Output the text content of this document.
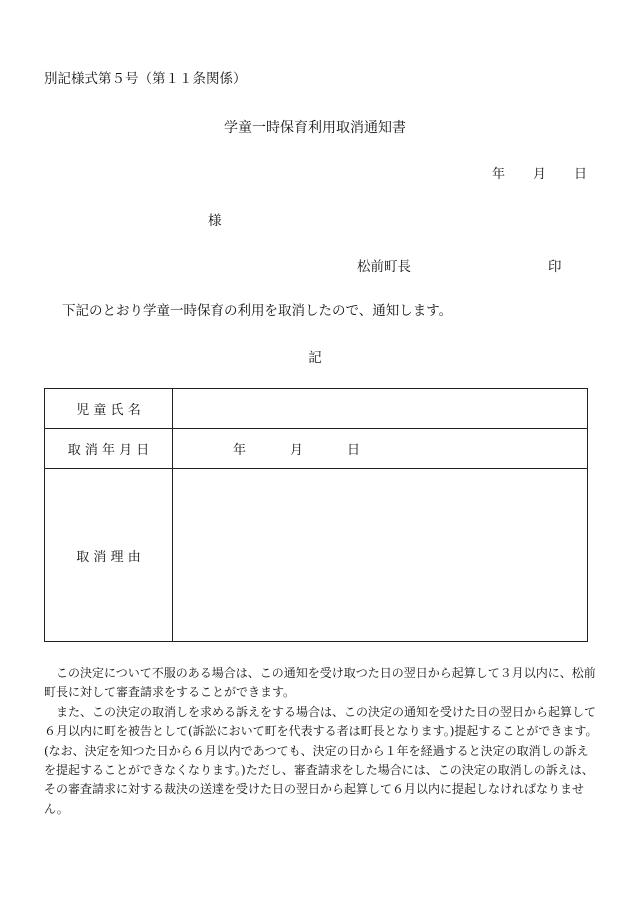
別記様式第５号（第１１条関係）
学童一時保育利用取消通知書
年 月 日
様
松前町長	印
下記のとおり学童一時保育の利用を取消したので、通知します。
記
児 童 氏 名	
取 消 年 月 日	年 月 日
取 消 理 由	

この決定について不服のある場合は、この通知を受け取つた日の翌日から起算して３月以内に、松前町長に対して審査請求をすることができます。

また、この決定の取消しを求める訴えをする場合は、この決定の通知を受けた日の翌日から起算して６月以内に町を被告として(訴訟において町を代表する者は町長となります。)提起することができます。(なお、決定を知つた日から６月以内であつても、決定の日から１年を経過すると決定の取消しの訴えを提起することができなくなります。)ただし、審査請求をした場合には、この決定の取消しの訴えは、その審査請求に対する裁決の送達を受けた日の翌日から起算して６月以内に提起しなければなりません。
